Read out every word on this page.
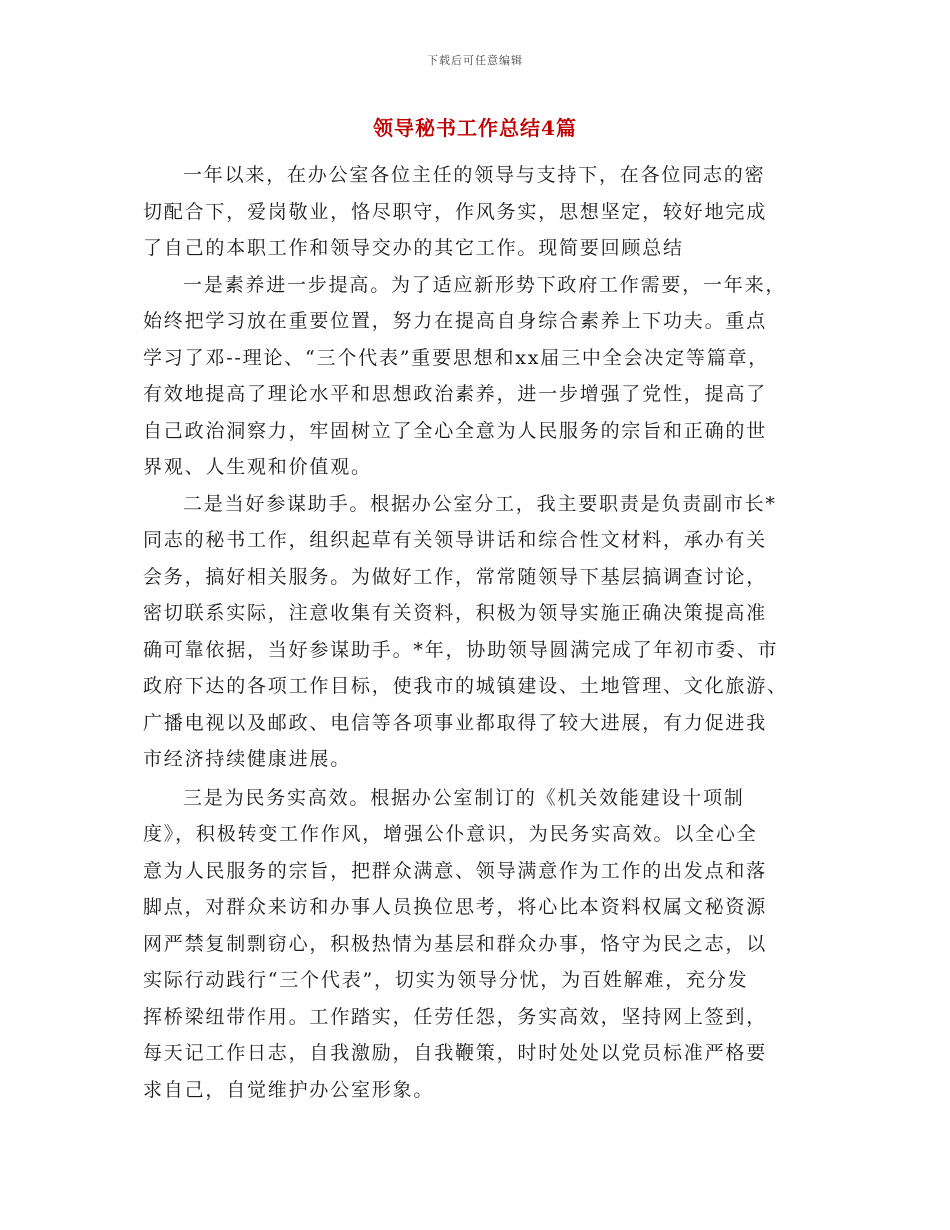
下载后可任意编辑
领导秘书工作总结4篇
一年以来，在办公室各位主任的领导与支持下，在各位同志的密
切配合下，爱岗敬业，恪尽职守，作风务实，思想坚定，较好地完成
了自己的本职工作和领导交办的其它工作。现简要回顾总结
一是素养进一步提高。为了适应新形势下政府工作需要，一年来，
始终把学习放在重要位置，努力在提高自身综合素养上下功夫。重点
学习了邓--理论、“三个代表”重要思想和xx届三中全会决定等篇章，
有效地提高了理论水平和思想政治素养，进一步增强了党性，提高了
自己政治洞察力，牢固树立了全心全意为人民服务的宗旨和正确的世
界观、人生观和价值观。
二是当好参谋助手。根据办公室分工，我主要职责是负责副市长*
同志的秘书工作，组织起草有关领导讲话和综合性文材料，承办有关
会务，搞好相关服务。为做好工作，常常随领导下基层搞调查讨论，
密切联系实际，注意收集有关资料，积极为领导实施正确决策提高准
确可靠依据，当好参谋助手。*年，协助领导圆满完成了年初市委、市
政府下达的各项工作目标，使我市的城镇建设、土地管理、文化旅游、
广播电视以及邮政、电信等各项事业都取得了较大进展，有力促进我
市经济持续健康进展。
三是为民务实高效。根据办公室制订的《机关效能建设十项制
度》，积极转变工作作风，增强公仆意识，为民务实高效。以全心全
意为人民服务的宗旨，把群众满意、领导满意作为工作的出发点和落
脚点，对群众来访和办事人员换位思考，将心比本资料权属文秘资源
网严禁复制剽窃心，积极热情为基层和群众办事，恪守为民之志，以
实际行动践行“三个代表”，切实为领导分忧，为百姓解难，充分发
挥桥梁纽带作用。工作踏实，任劳任怨，务实高效，坚持网上签到，
每天记工作日志，自我激励，自我鞭策，时时处处以党员标准严格要
求自己，自觉维护办公室形象。
